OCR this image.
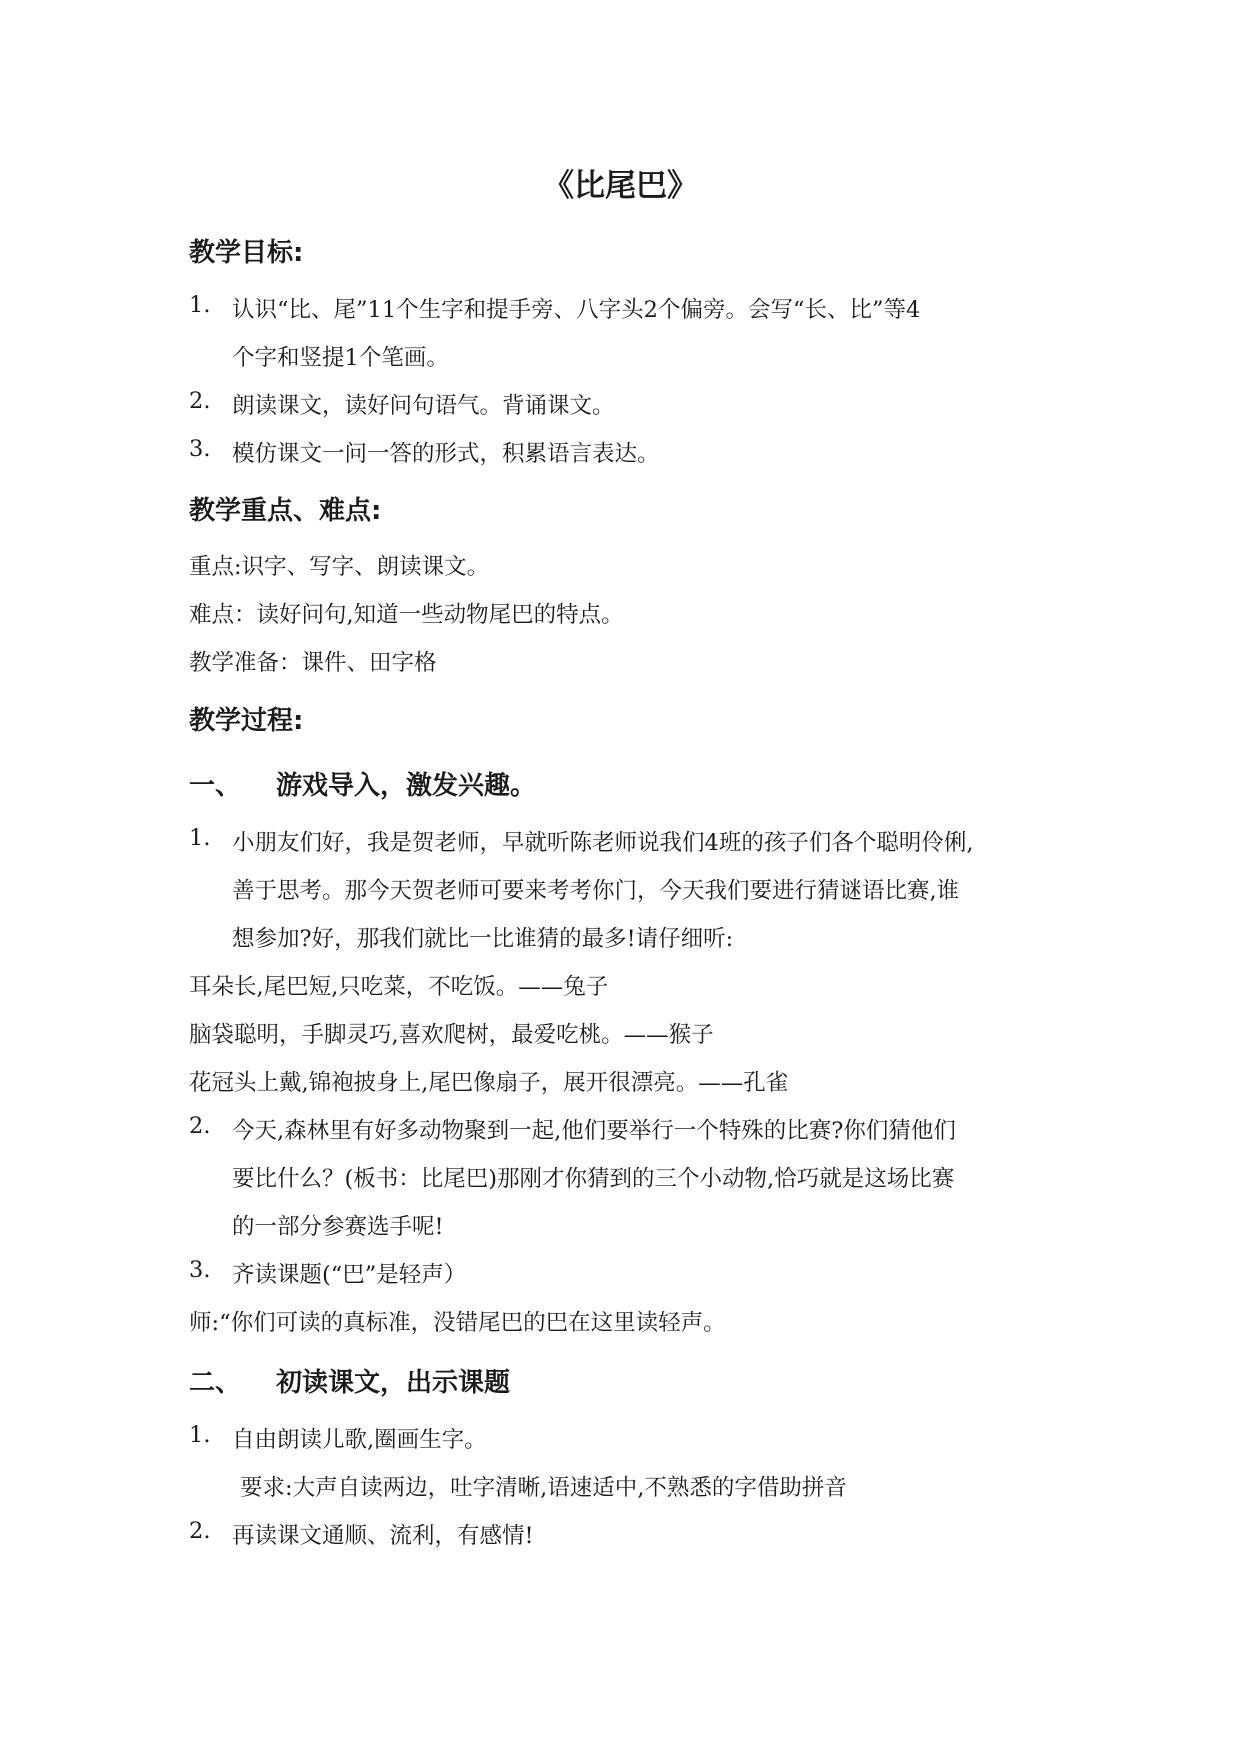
《比尾巴》
教学目标:
1. 认识“比、尾”11个生字和提手旁、八字头2个偏旁。会写“长、比”等4
个字和竖提1个笔画。
2. 朗读课文，读好问句语气。背诵课文。
3. 模仿课文一问一答的形式，积累语言表达。
教学重点、难点:
重点:识字、写字、朗读课文。
难点：读好问句,知道一些动物尾巴的特点。
教学准备：课件、田字格
教学过程:
一、 游戏导入，激发兴趣。
1. 小朋友们好，我是贺老师，早就听陈老师说我们4班的孩子们各个聪明伶俐,
善于思考。那今天贺老师可要来考考你门，今天我们要进行猜谜语比赛,谁
想参加?好，那我们就比一比谁猜的最多!请仔细听:
耳朵长,尾巴短,只吃菜，不吃饭。——兔子
脑袋聪明，手脚灵巧,喜欢爬树，最爱吃桃。——猴子
花冠头上戴,锦袍披身上,尾巴像扇子，展开很漂亮。——孔雀
2. 今天,森林里有好多动物聚到一起,他们要举行一个特殊的比赛?你们猜他们
要比什么？(板书：比尾巴)那刚才你猜到的三个小动物,恰巧就是这场比赛
的一部分参赛选手呢!
3. 齐读课题(“巴”是轻声）
师:“你们可读的真标准，没错尾巴的巴在这里读轻声。
二、 初读课文，出示课题
1. 自由朗读儿歌,圈画生字。
要求:大声自读两边，吐字清晰,语速适中,不熟悉的字借助拼音
2. 再读课文通顺、流利，有感情!
